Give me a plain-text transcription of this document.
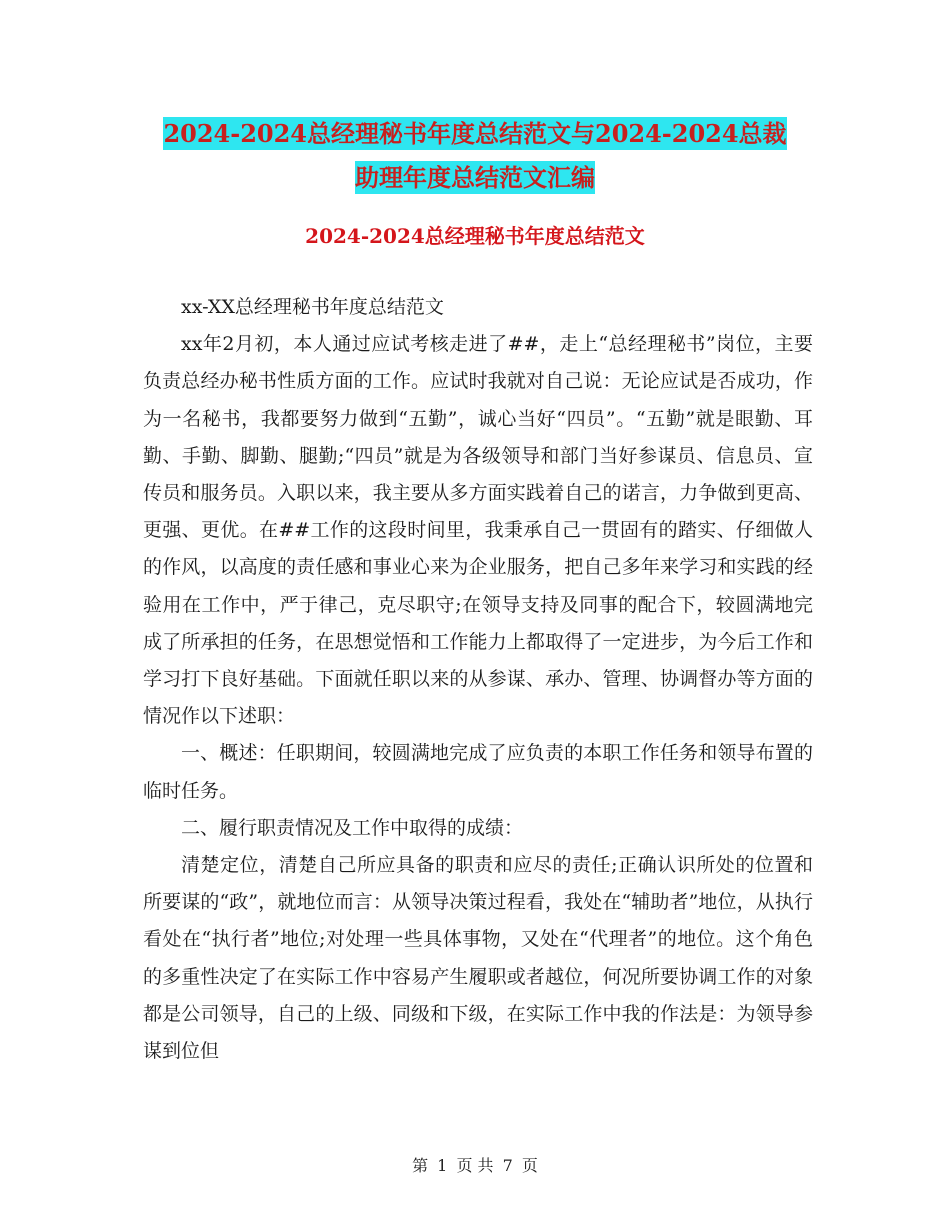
2024-2024总经理秘书年度总结范文与2024-2024总裁
助理年度总结范文汇编
2024-2024总经理秘书年度总结范文

xx-XX总经理秘书年度总结范文

xx年2月初，本人通过应试考核走进了##，走上“总经理秘书”岗位，主要负责总经办秘书性质方面的工作。应试时我就对自己说：无论应试是否成功，作为一名秘书，我都要努力做到“五勤”，诚心当好“四员”。“五勤”就是眼勤、耳勤、手勤、脚勤、腿勤;“四员”就是为各级领导和部门当好参谋员、信息员、宣传员和服务员。入职以来，我主要从多方面实践着自己的诺言，力争做到更高、更强、更优。在##工作的这段时间里，我秉承自己一贯固有的踏实、仔细做人的作风，以高度的责任感和事业心来为企业服务，把自己多年来学习和实践的经验用在工作中，严于律己，克尽职守;在领导支持及同事的配合下，较圆满地完成了所承担的任务，在思想觉悟和工作能力上都取得了一定进步，为今后工作和学习打下良好基础。下面就任职以来的从参谋、承办、管理、协调督办等方面的情况作以下述职：

一、概述：任职期间，较圆满地完成了应负责的本职工作任务和领导布置的临时任务。

二、履行职责情况及工作中取得的成绩：

清楚定位，清楚自己所应具备的职责和应尽的责任;正确认识所处的位置和所要谋的“政”，就地位而言：从领导决策过程看，我处在“辅助者”地位，从执行看处在“执行者”地位;对处理一些具体事物，又处在“代理者”的地位。这个角色的多重性决定了在实际工作中容易产生履职或者越位，何况所要协调工作的对象都是公司领导，自己的上级、同级和下级，在实际工作中我的作法是：为领导参谋到位但

第 1 页 共 7 页
